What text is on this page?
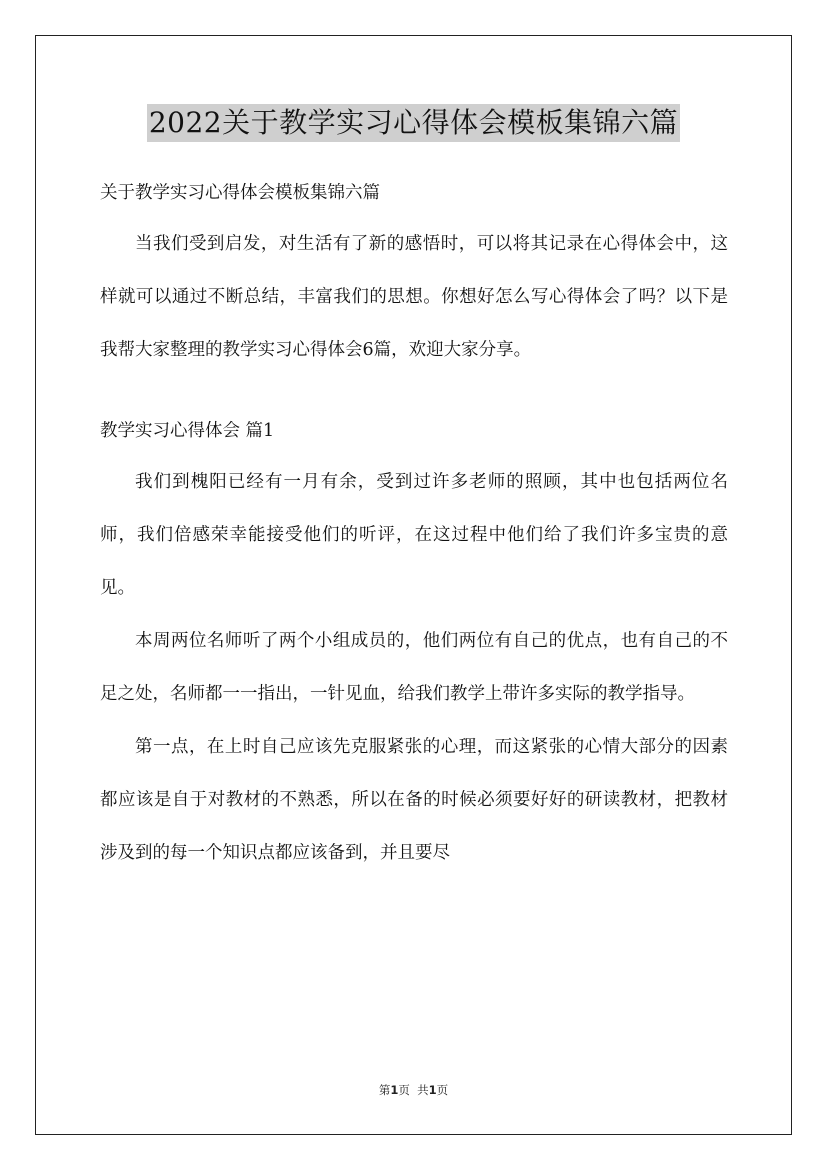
2022关于教学实习心得体会模板集锦六篇

关于教学实习心得体会模板集锦六篇

当我们受到启发，对生活有了新的感悟时，可以将其记录在心得体会中，这样就可以通过不断总结，丰富我们的思想。你想好怎么写心得体会了吗？以下是我帮大家整理的教学实习心得体会6篇，欢迎大家分享。

教学实习心得体会 篇1

我们到槐阳已经有一月有余，受到过许多老师的照顾，其中也包括两位名师，我们倍感荣幸能接受他们的听评，在这过程中他们给了我们许多宝贵的意见。

本周两位名师听了两个小组成员的，他们两位有自己的优点，也有自己的不足之处，名师都一一指出，一针见血，给我们教学上带许多实际的教学指导。

第一点，在上时自己应该先克服紧张的心理，而这紧张的心情大部分的因素都应该是自于对教材的不熟悉，所以在备的时候必须要好好的研读教材，把教材涉及到的每一个知识点都应该备到，并且要尽

第1页 共1页
